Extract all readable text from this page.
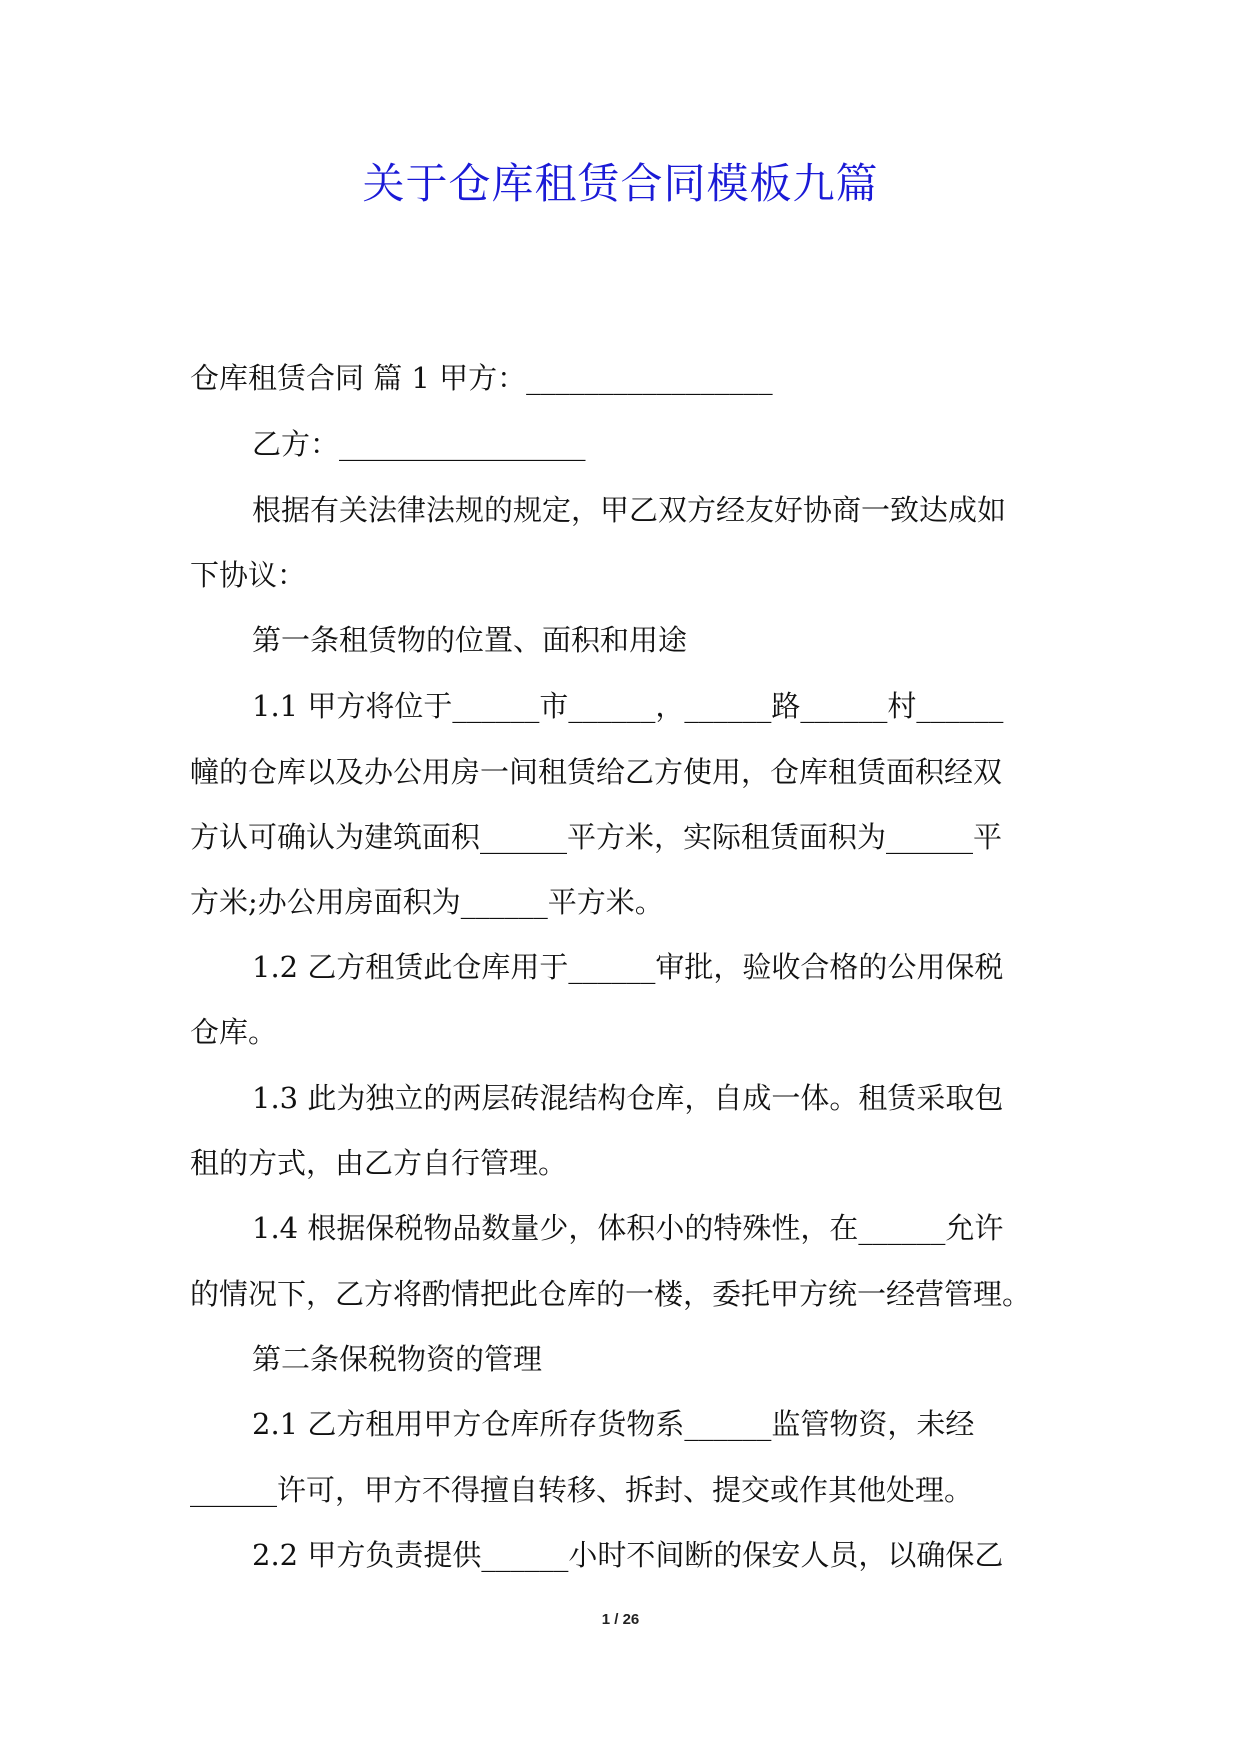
关于仓库租赁合同模板九篇
仓库租赁合同 篇 1 甲方：_________________
乙方：_________________
根据有关法律法规的规定，甲乙双方经友好协商一致达成如
下协议：
第一条租赁物的位置、面积和用途
1.1 甲方将位于______市______，______路______村______
幢的仓库以及办公用房一间租赁给乙方使用，仓库租赁面积经双
方认可确认为建筑面积______平方米，实际租赁面积为______平
方米;办公用房面积为______平方米。
1.2 乙方租赁此仓库用于______审批，验收合格的公用保税
仓库。
1.3 此为独立的两层砖混结构仓库，自成一体。租赁采取包
租的方式，由乙方自行管理。
1.4 根据保税物品数量少，体积小的特殊性，在______允许
的情况下，乙方将酌情把此仓库的一楼，委托甲方统一经营管理。
第二条保税物资的管理
2.1 乙方租用甲方仓库所存货物系______监管物资，未经
______许可，甲方不得擅自转移、拆封、提交或作其他处理。
2.2 甲方负责提供______小时不间断的保安人员，以确保乙
1 / 26
